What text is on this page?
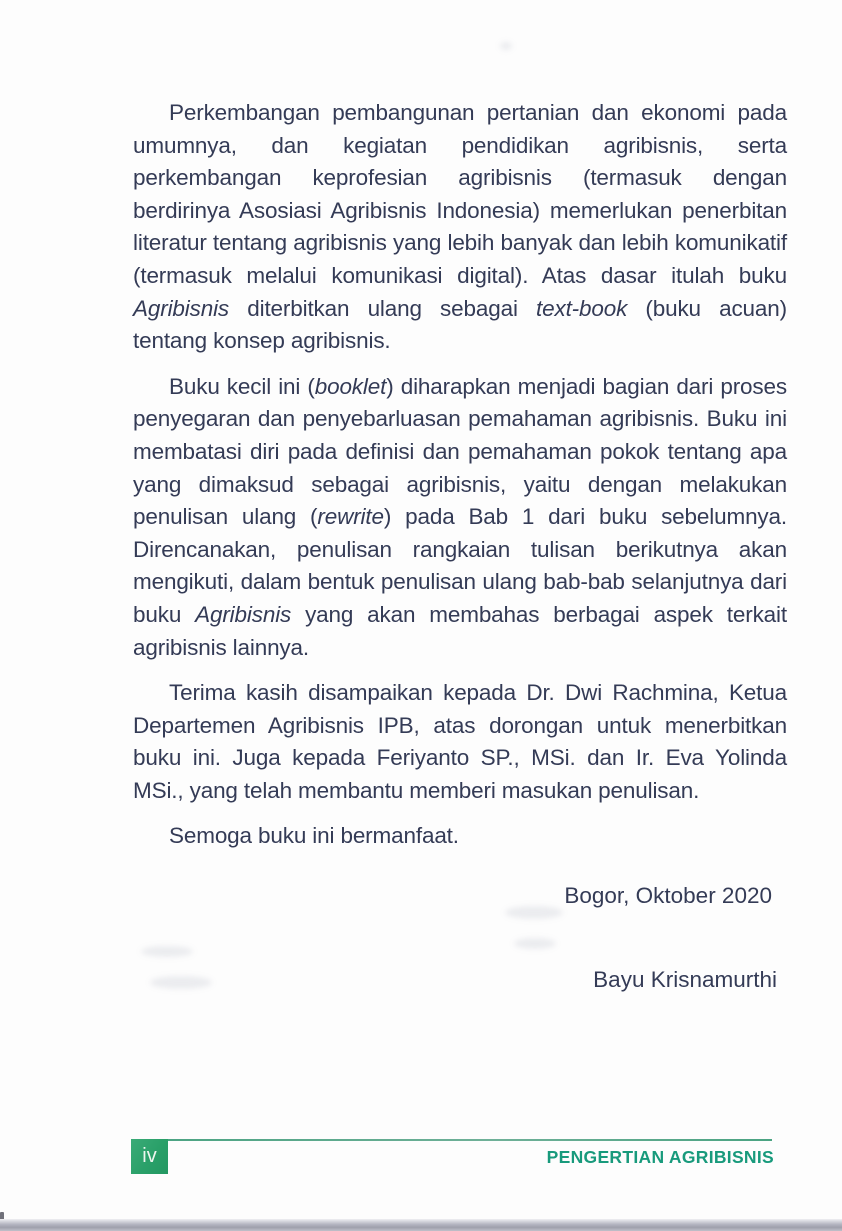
Perkembangan pembangunan pertanian dan ekonomi pada umumnya, dan kegiatan pendidikan agribisnis, serta perkembangan keprofesian agribisnis (termasuk dengan berdirinya Asosiasi Agribisnis Indonesia) memerlukan penerbitan literatur tentang agribisnis yang lebih banyak dan lebih komunikatif (termasuk melalui komunikasi digital). Atas dasar itulah buku Agribisnis diterbitkan ulang sebagai text-book (buku acuan) tentang konsep agribisnis.

Buku kecil ini (booklet) diharapkan menjadi bagian dari proses penyegaran dan penyebarluasan pemahaman agribisnis. Buku ini membatasi diri pada definisi dan pemahaman pokok tentang apa yang dimaksud sebagai agribisnis, yaitu dengan melakukan penulisan ulang (rewrite) pada Bab 1 dari buku sebelumnya. Direncanakan, penulisan rangkaian tulisan berikutnya akan mengikuti, dalam bentuk penulisan ulang bab-bab selanjutnya dari buku Agribisnis yang akan membahas berbagai aspek terkait agribisnis lainnya.

Terima kasih disampaikan kepada Dr. Dwi Rachmina, Ketua Departemen Agribisnis IPB, atas dorongan untuk menerbitkan buku ini. Juga kepada Feriyanto SP., MSi. dan Ir. Eva Yolinda MSi., yang telah membantu memberi masukan penulisan.

Semoga buku ini bermanfaat.

Bogor, Oktober 2020
Bayu Krisnamurthi
iv	PENGERTIAN AGRIBISNIS
